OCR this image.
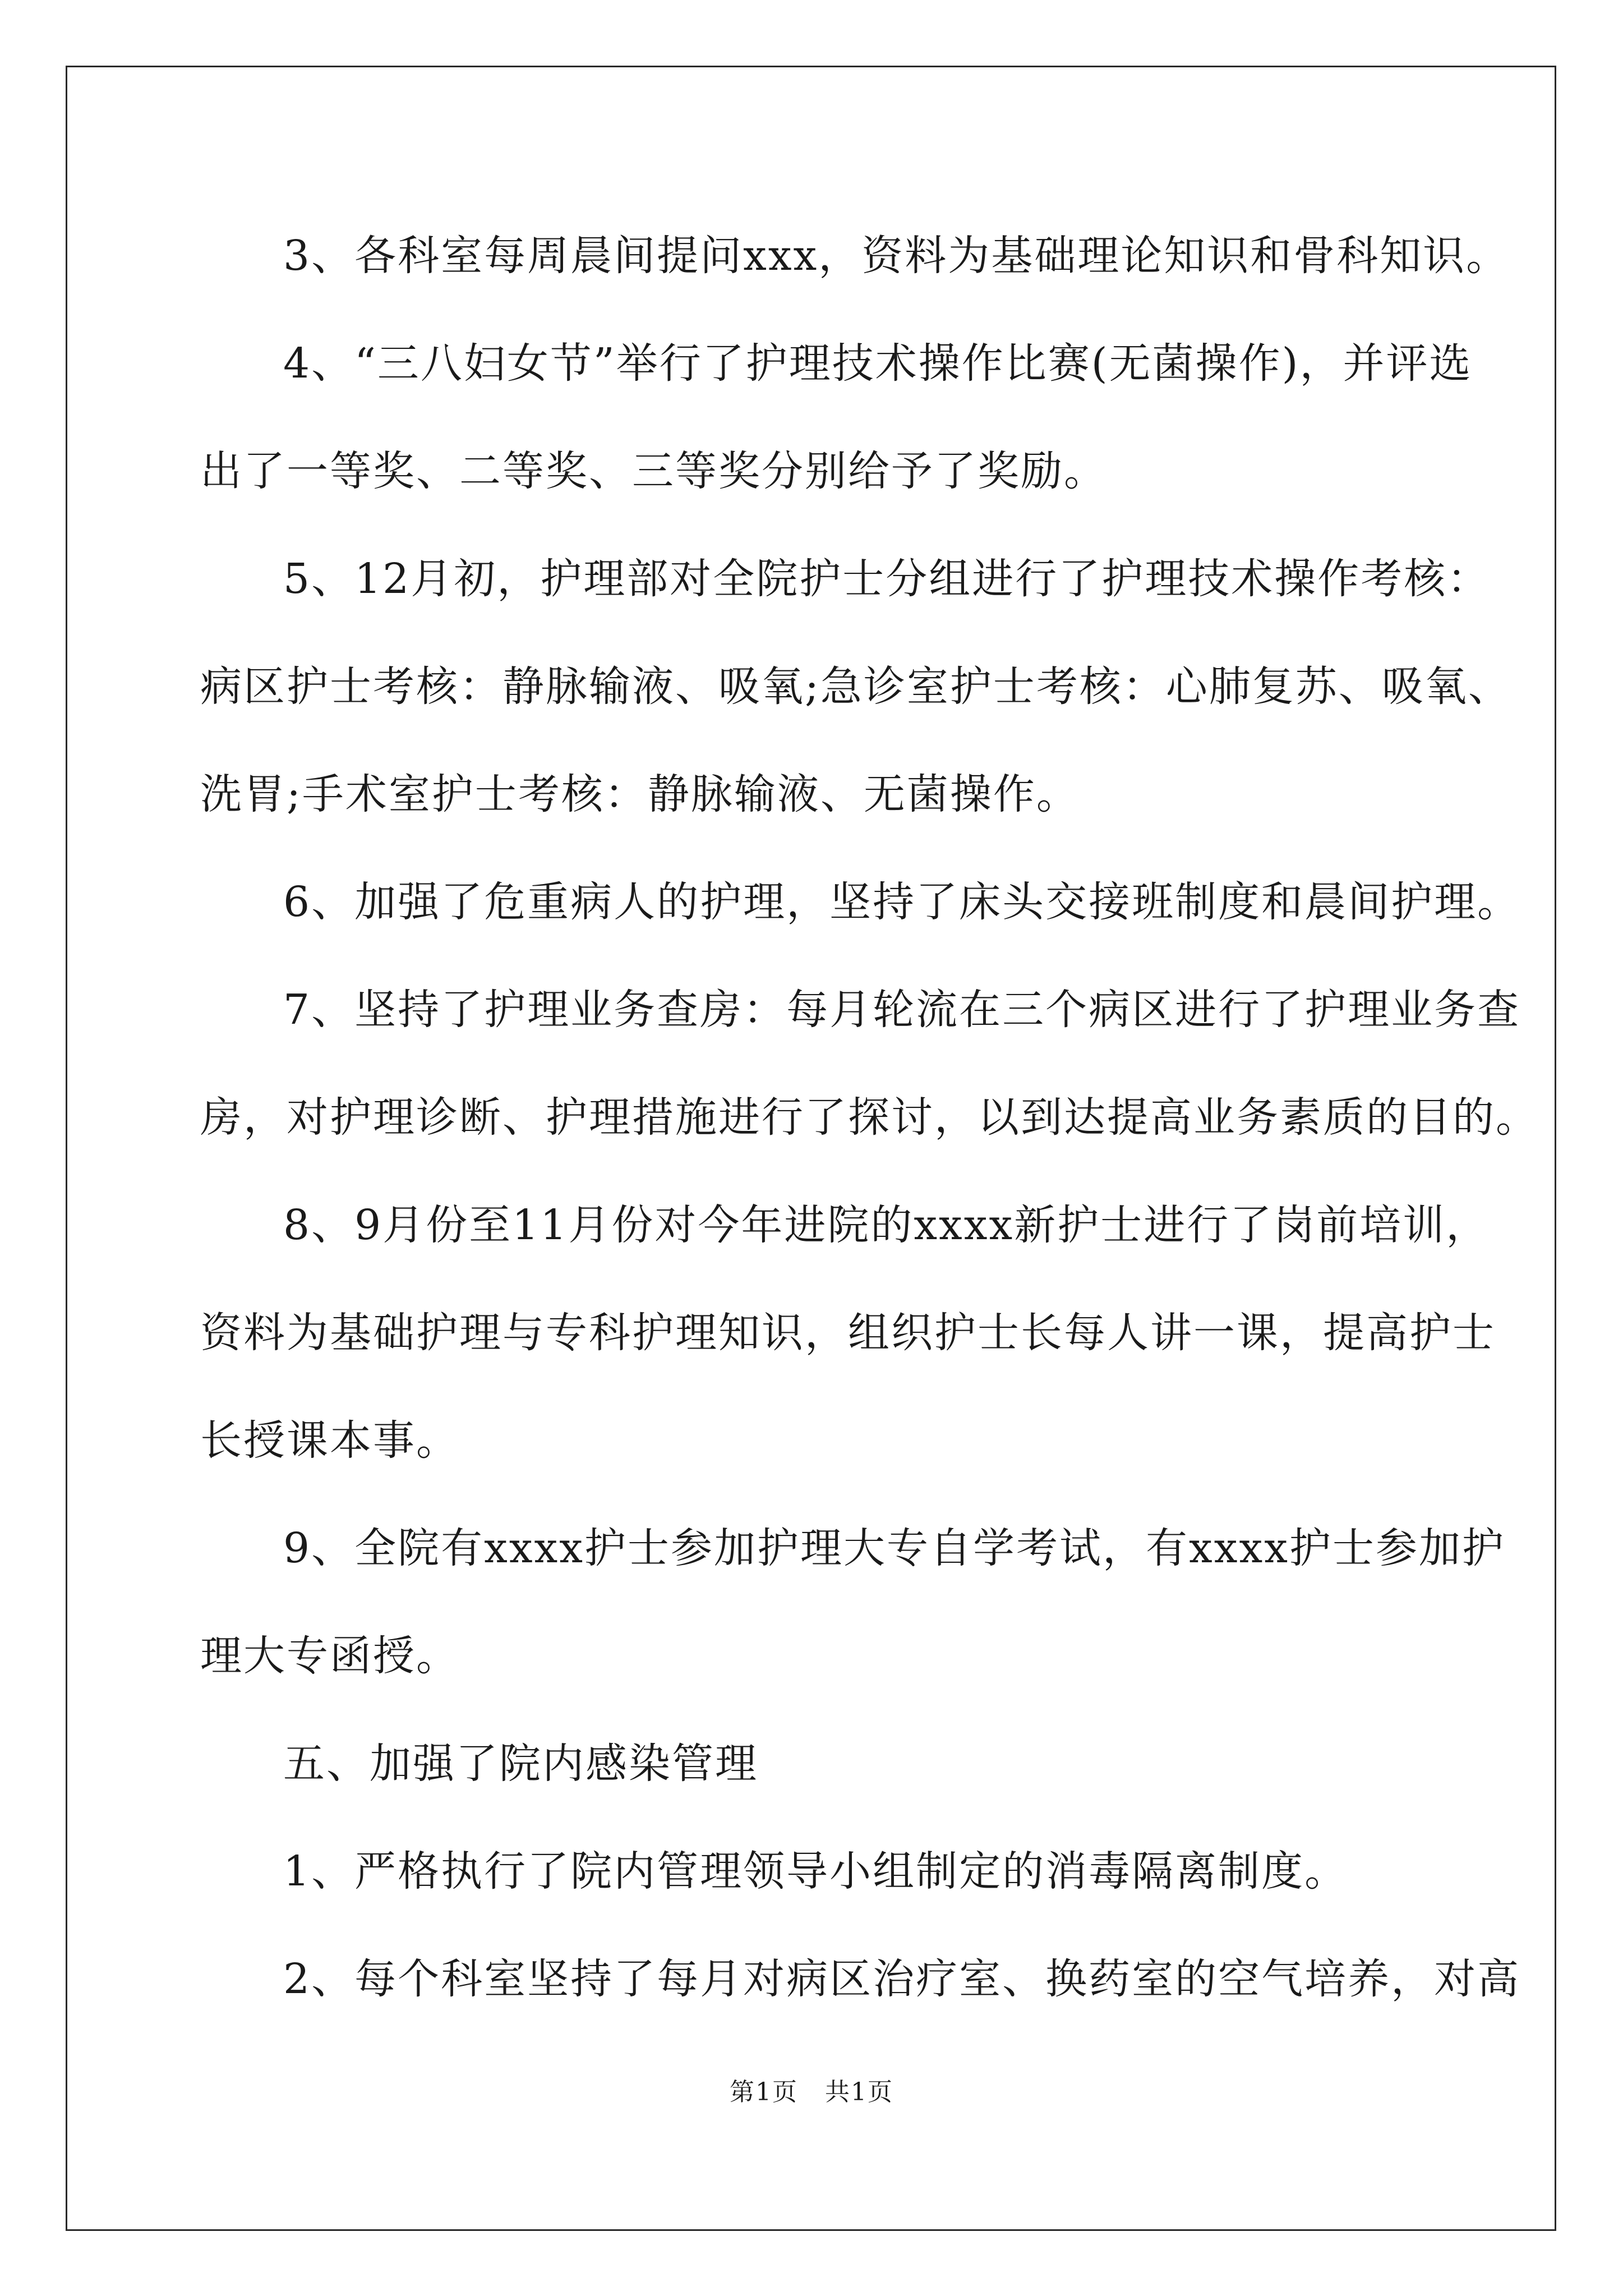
3、各科室每周晨间提问xxx，资料为基础理论知识和骨科知识。

4、“三八妇女节”举行了护理技术操作比赛(无菌操作)，并评选

出了一等奖、二等奖、三等奖分别给予了奖励。

5、12月初，护理部对全院护士分组进行了护理技术操作考核：

病区护士考核：静脉输液、吸氧;急诊室护士考核：心肺复苏、吸氧、

洗胃;手术室护士考核：静脉输液、无菌操作。

6、加强了危重病人的护理，坚持了床头交接班制度和晨间护理。

7、坚持了护理业务查房：每月轮流在三个病区进行了护理业务查

房，对护理诊断、护理措施进行了探讨，以到达提高业务素质的目的。

8、9月份至11月份对今年进院的xxxx新护士进行了岗前培训，

资料为基础护理与专科护理知识，组织护士长每人讲一课，提高护士

长授课本事。

9、全院有xxxx护士参加护理大专自学考试，有xxxx护士参加护

理大专函授。

五、加强了院内感染管理

1、严格执行了院内管理领导小组制定的消毒隔离制度。

2、每个科室坚持了每月对病区治疗室、换药室的空气培养，对高

第1页   共1页
